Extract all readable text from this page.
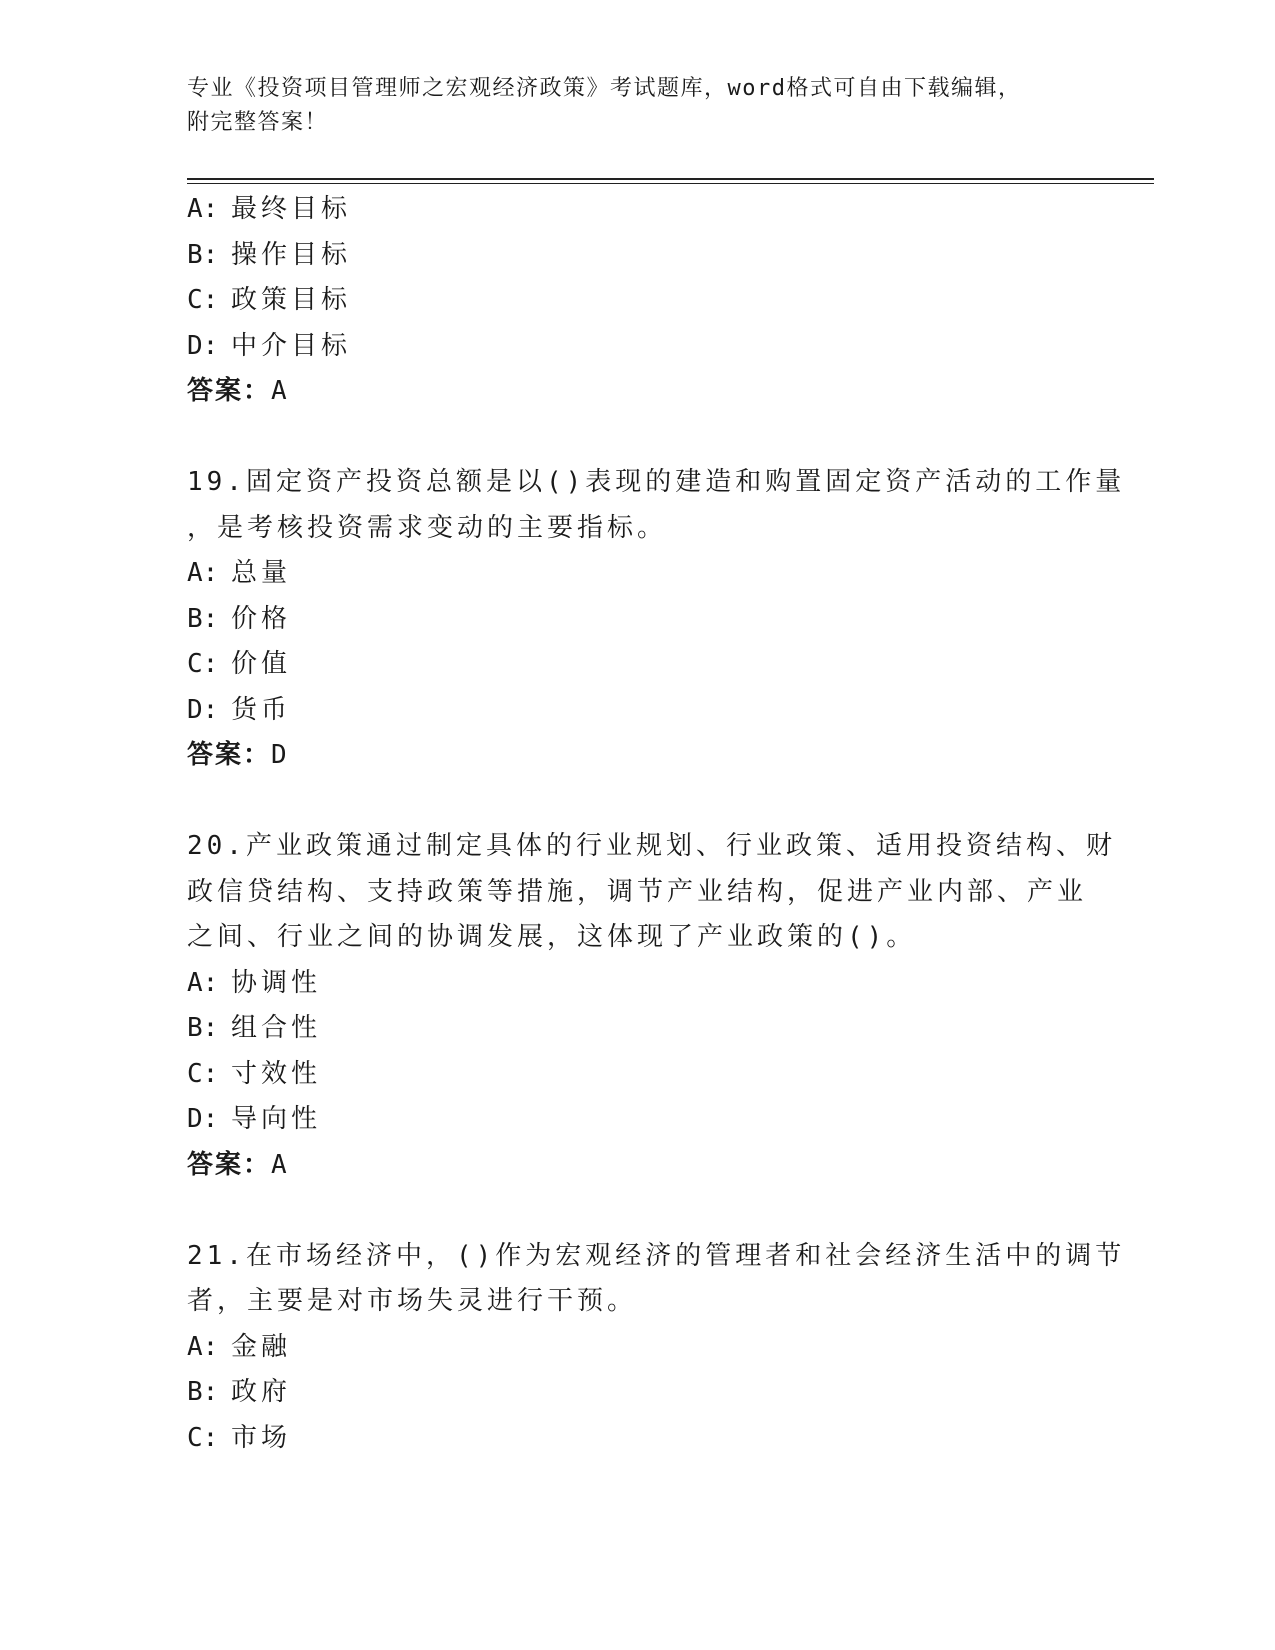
专业《投资项目管理师之宏观经济政策》考试题库，word格式可自由下载编辑，
附完整答案！
A: 最终目标
B: 操作目标
C: 政策目标
D: 中介目标
答案：A
19.固定资产投资总额是以()表现的建造和购置固定资产活动的工作量
，是考核投资需求变动的主要指标。
A: 总量
B: 价格
C: 价值
D: 货币
答案：D
20.产业政策通过制定具体的行业规划、行业政策、适用投资结构、财
政信贷结构、支持政策等措施，调节产业结构，促进产业内部、产业
之间、行业之间的协调发展，这体现了产业政策的()。
A: 协调性
B: 组合性
C: 寸效性
D: 导向性
答案：A
21.在市场经济中，()作为宏观经济的管理者和社会经济生活中的调节
者，主要是对市场失灵进行干预。
A: 金融
B: 政府
C: 市场
